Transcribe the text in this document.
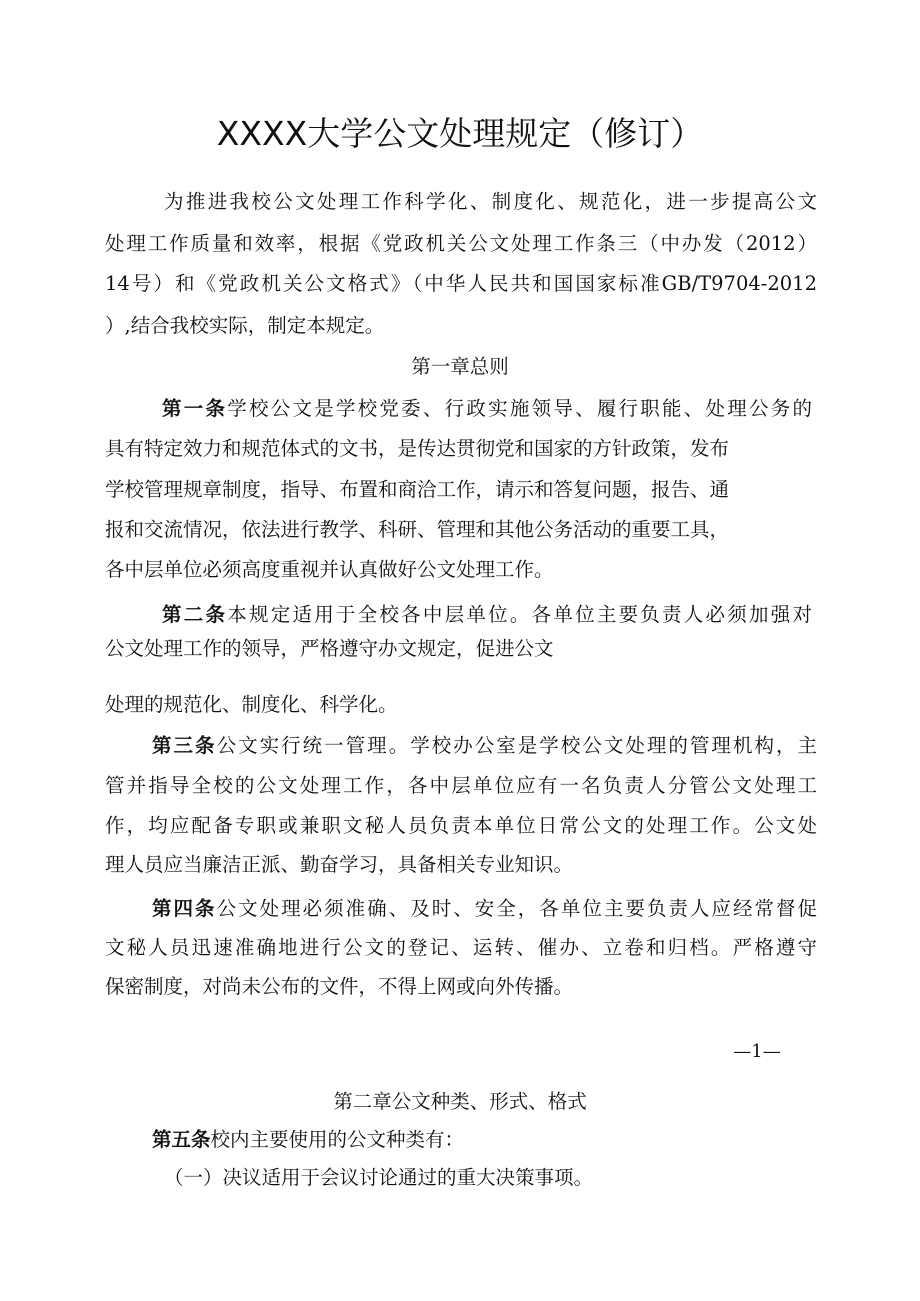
XXXX大学公文处理规定（修订）

为推进我校公文处理工作科学化、制度化、规范化，进一步提高公文

处理工作质量和效率，根据《党政机关公文处理工作条三（中办发（2012）

14号）和《党政机关公文格式》（中华人民共和国国家标准GB/T9704-2012

）,结合我校实际，制定本规定。

第一章总则

第一条学校公文是学校党委、行政实施领导、履行职能、处理公务的

具有特定效力和规范体式的文书，是传达贯彻党和国家的方针政策，发布

学校管理规章制度，指导、布置和商洽工作，请示和答复问题，报告、通

报和交流情况，依法进行教学、科研、管理和其他公务活动的重要工具，

各中层单位必须高度重视并认真做好公文处理工作。

第二条本规定适用于全校各中层单位。各单位主要负责人必须加强对

公文处理工作的领导，严格遵守办文规定，促进公文

处理的规范化、制度化、科学化。

第三条公文实行统一管理。学校办公室是学校公文处理的管理机构，主

管并指导全校的公文处理工作，各中层单位应有一名负责人分管公文处理工

作，均应配备专职或兼职文秘人员负责本单位日常公文的处理工作。公文处

理人员应当廉洁正派、勤奋学习，具备相关专业知识。

第四条公文处理必须准确、及时、安全，各单位主要负责人应经常督促

文秘人员迅速准确地进行公文的登记、运转、催办、立卷和归档。严格遵守

保密制度，对尚未公布的文件，不得上网或向外传播。

—1—

第二章公文种类、形式、格式

第五条校内主要使用的公文种类有：

（一）决议适用于会议讨论通过的重大决策事项。
